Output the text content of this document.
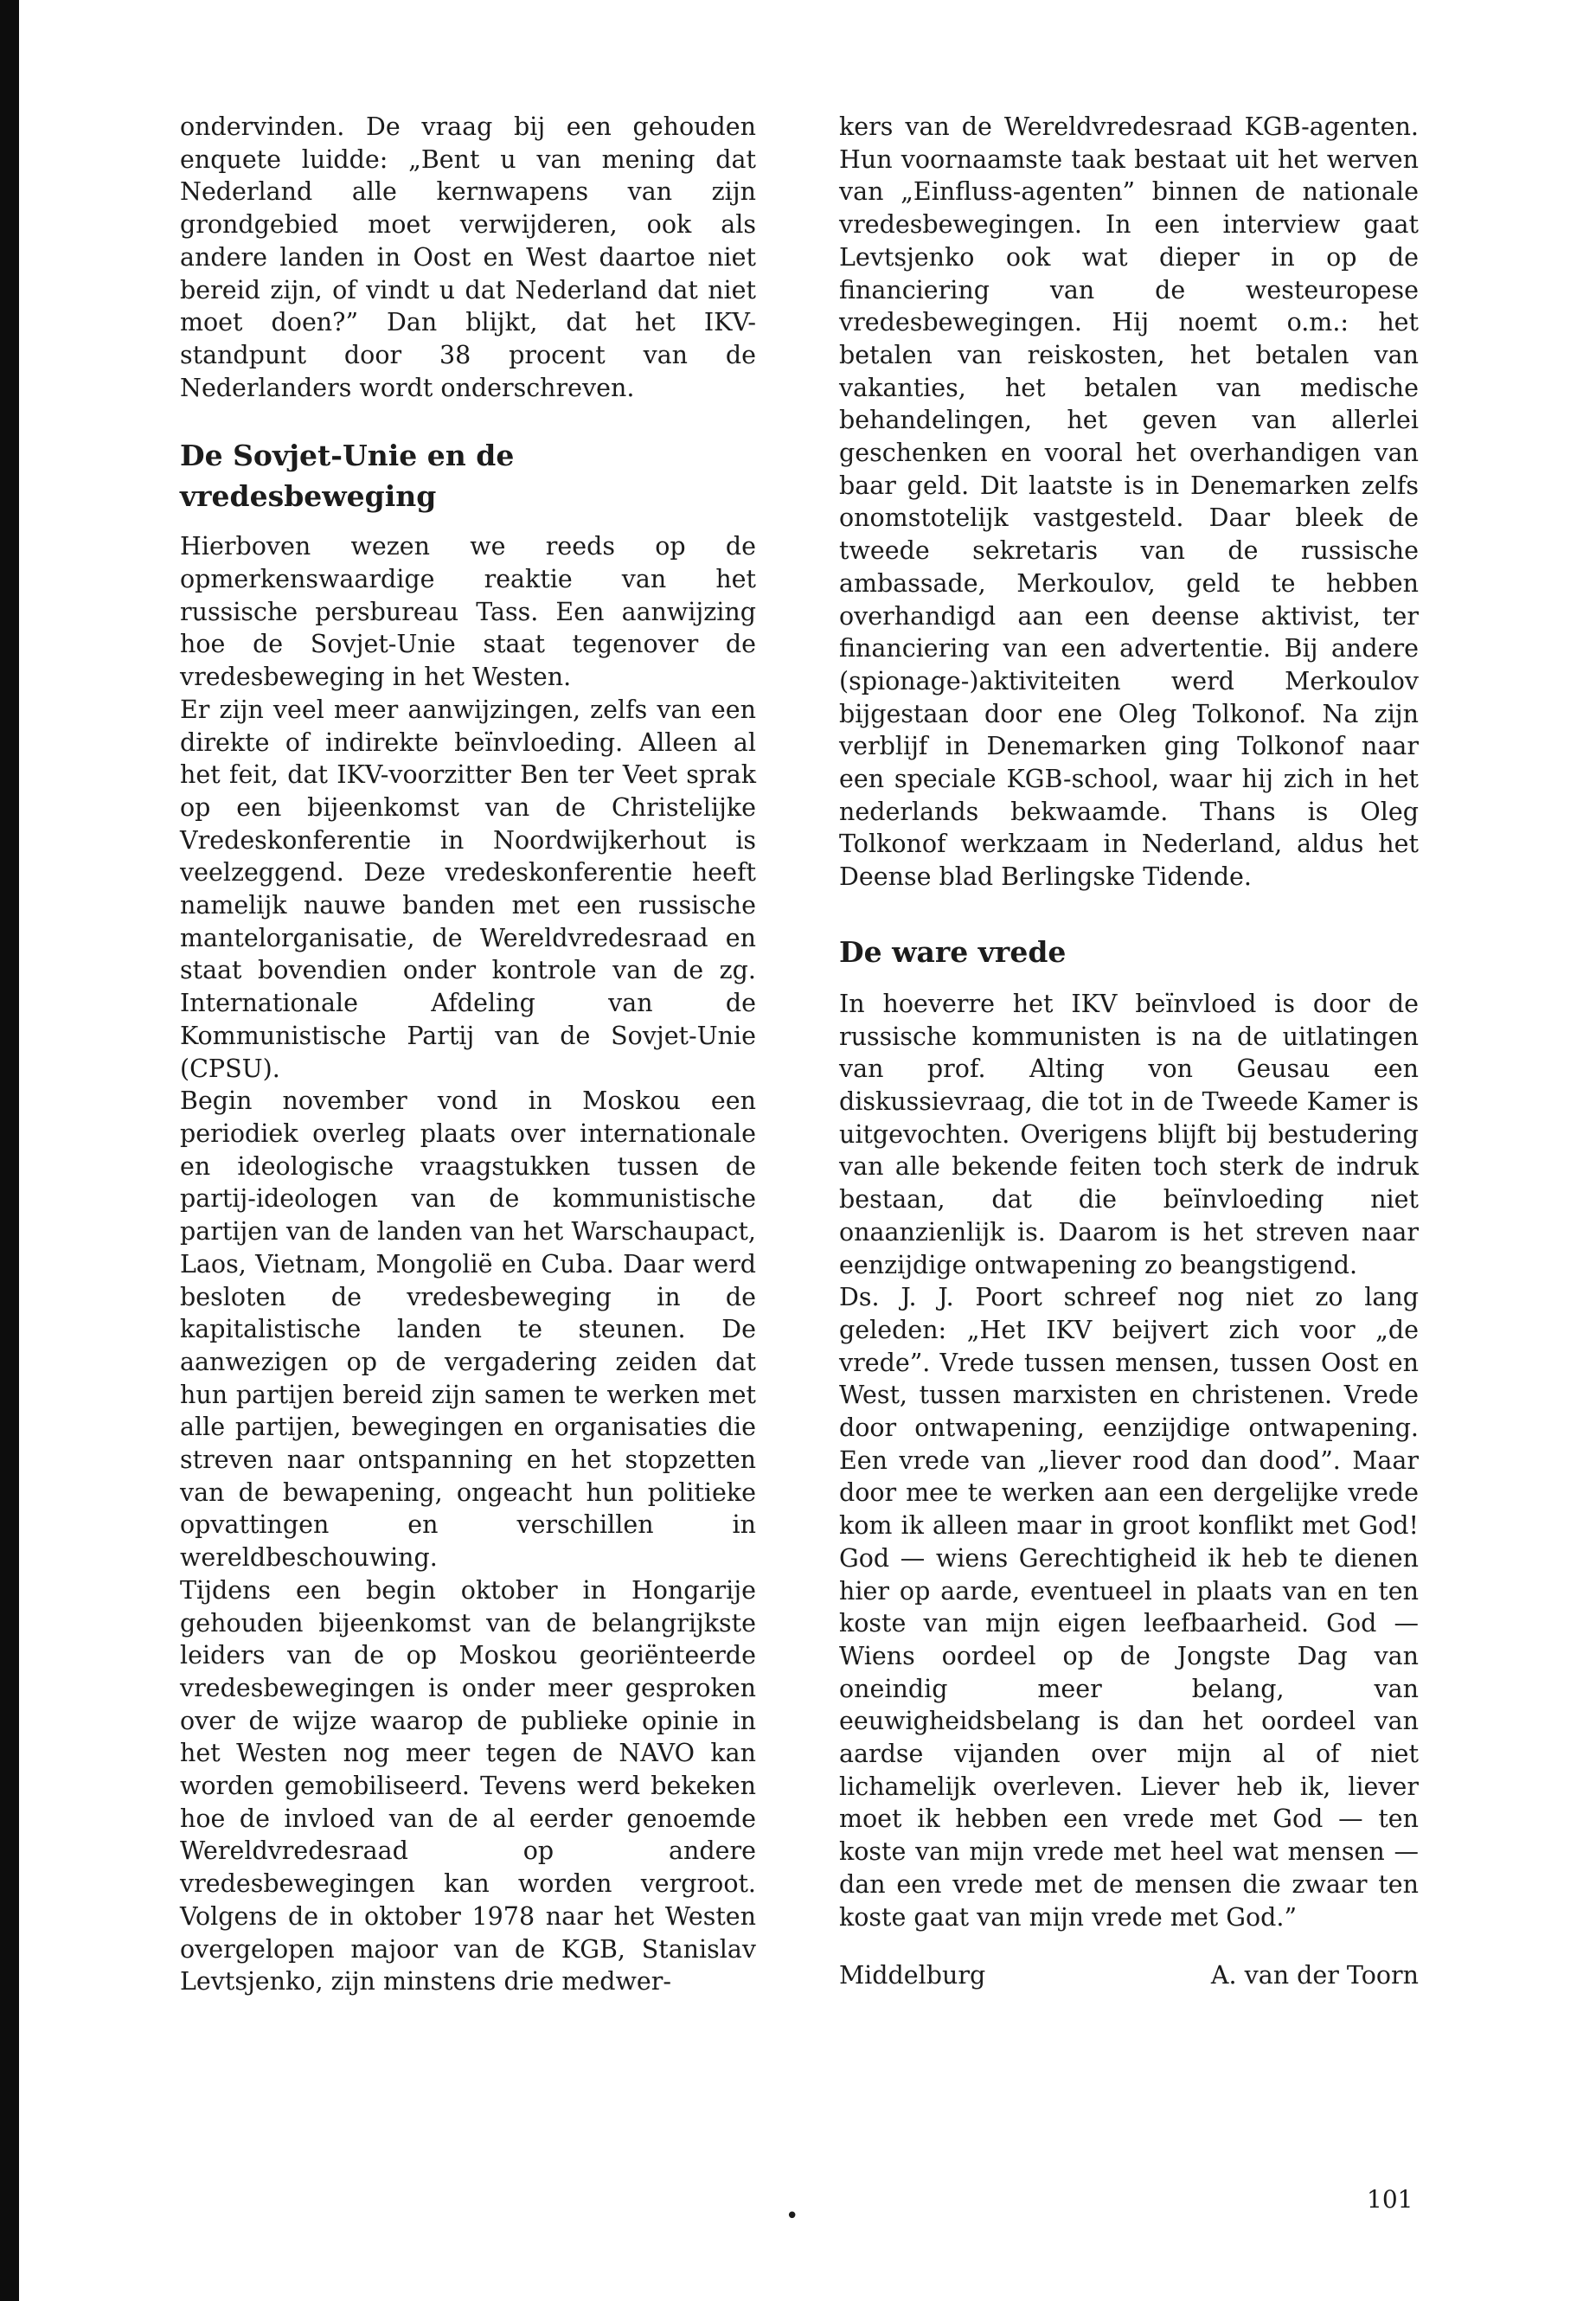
ondervinden. De vraag bij een gehouden enquete luidde: „Bent u van mening dat Nederland alle kernwapens van zijn grondgebied moet verwijderen, ook als andere landen in Oost en West daartoe niet bereid zijn, of vindt u dat Nederland dat niet moet doen?” Dan blijkt, dat het IKV-standpunt door 38 procent van de Nederlanders wordt onderschreven.

De Sovjet-Unie en de vredesbeweging

Hierboven wezen we reeds op de opmerkenswaardige reaktie van het russische persbureau Tass. Een aanwijzing hoe de Sovjet-Unie staat tegenover de vredesbeweging in het Westen.

Er zijn veel meer aanwijzingen, zelfs van een direkte of indirekte beïnvloeding. Alleen al het feit, dat IKV-voorzitter Ben ter Veet sprak op een bijeenkomst van de Christelijke Vredeskonferentie in Noordwijkerhout is veelzeggend. Deze vredeskonferentie heeft namelijk nauwe banden met een russische mantelorganisatie, de Wereldvredesraad en staat bovendien onder kontrole van de zg. Internationale Afdeling van de Kommunistische Partij van de Sovjet-Unie (CPSU).

Begin november vond in Moskou een periodiek overleg plaats over internationale en ideologische vraagstukken tussen de partij-ideologen van de kommunistische partijen van de landen van het Warschaupact, Laos, Vietnam, Mongolië en Cuba. Daar werd besloten de vredesbeweging in de kapitalistische landen te steunen. De aanwezigen op de vergadering zeiden dat hun partijen bereid zijn samen te werken met alle partijen, bewegingen en organisaties die streven naar ontspanning en het stopzetten van de bewapening, ongeacht hun politieke opvattingen en verschillen in wereldbeschouwing.

Tijdens een begin oktober in Hongarije gehouden bijeenkomst van de belangrijkste leiders van de op Moskou georiënteerde vredesbewegingen is onder meer gesproken over de wijze waarop de publieke opinie in het Westen nog meer tegen de NAVO kan worden gemobiliseerd. Tevens werd bekeken hoe de invloed van de al eerder genoemde Wereldvredesraad op andere vredesbewegingen kan worden vergroot. Volgens de in oktober 1978 naar het Westen overgelopen majoor van de KGB, Stanislav Levtsjenko, zijn minstens drie medwer-

kers van de Wereldvredesraad KGB-agenten. Hun voornaamste taak bestaat uit het werven van „Einfluss-agenten” binnen de nationale vredesbewegingen. In een interview gaat Levtsjenko ook wat dieper in op de financiering van de westeuropese vredesbewegingen. Hij noemt o.m.: het betalen van reiskosten, het betalen van vakanties, het betalen van medische behandelingen, het geven van allerlei geschenken en vooral het overhandigen van baar geld. Dit laatste is in Denemarken zelfs onomstotelijk vastgesteld. Daar bleek de tweede sekretaris van de russische ambassade, Merkoulov, geld te hebben overhandigd aan een deense aktivist, ter financiering van een advertentie. Bij andere (spionage-)aktiviteiten werd Merkoulov bijgestaan door ene Oleg Tolkonof. Na zijn verblijf in Denemarken ging Tolkonof naar een speciale KGB-school, waar hij zich in het nederlands bekwaamde. Thans is Oleg Tolkonof werkzaam in Nederland, aldus het Deense blad Berlingske Tidende.

De ware vrede

In hoeverre het IKV beïnvloed is door de russische kommunisten is na de uitlatingen van prof. Alting von Geusau een diskussievraag, die tot in de Tweede Kamer is uitgevochten. Overigens blijft bij bestudering van alle bekende feiten toch sterk de indruk bestaan, dat die beïnvloeding niet onaanzienlijk is. Daarom is het streven naar eenzijdige ontwapening zo beangstigend.

Ds. J. J. Poort schreef nog niet zo lang geleden: „Het IKV beijvert zich voor „de vrede”. Vrede tussen mensen, tussen Oost en West, tussen marxisten en christenen. Vrede door ontwapening, eenzijdige ontwapening. Een vrede van „liever rood dan dood”. Maar door mee te werken aan een dergelijke vrede kom ik alleen maar in groot konflikt met God! God — wiens Gerechtigheid ik heb te dienen hier op aarde, eventueel in plaats van en ten koste van mijn eigen leefbaarheid. God — Wiens oordeel op de Jongste Dag van oneindig meer belang, van eeuwigheidsbelang is dan het oordeel van aardse vijanden over mijn al of niet lichamelijk overleven. Liever heb ik, liever moet ik hebben een vrede met God — ten koste van mijn vrede met heel wat mensen — dan een vrede met de mensen die zwaar ten koste gaat van mijn vrede met God.”

Middelburg	A. van der Toorn
•
101
